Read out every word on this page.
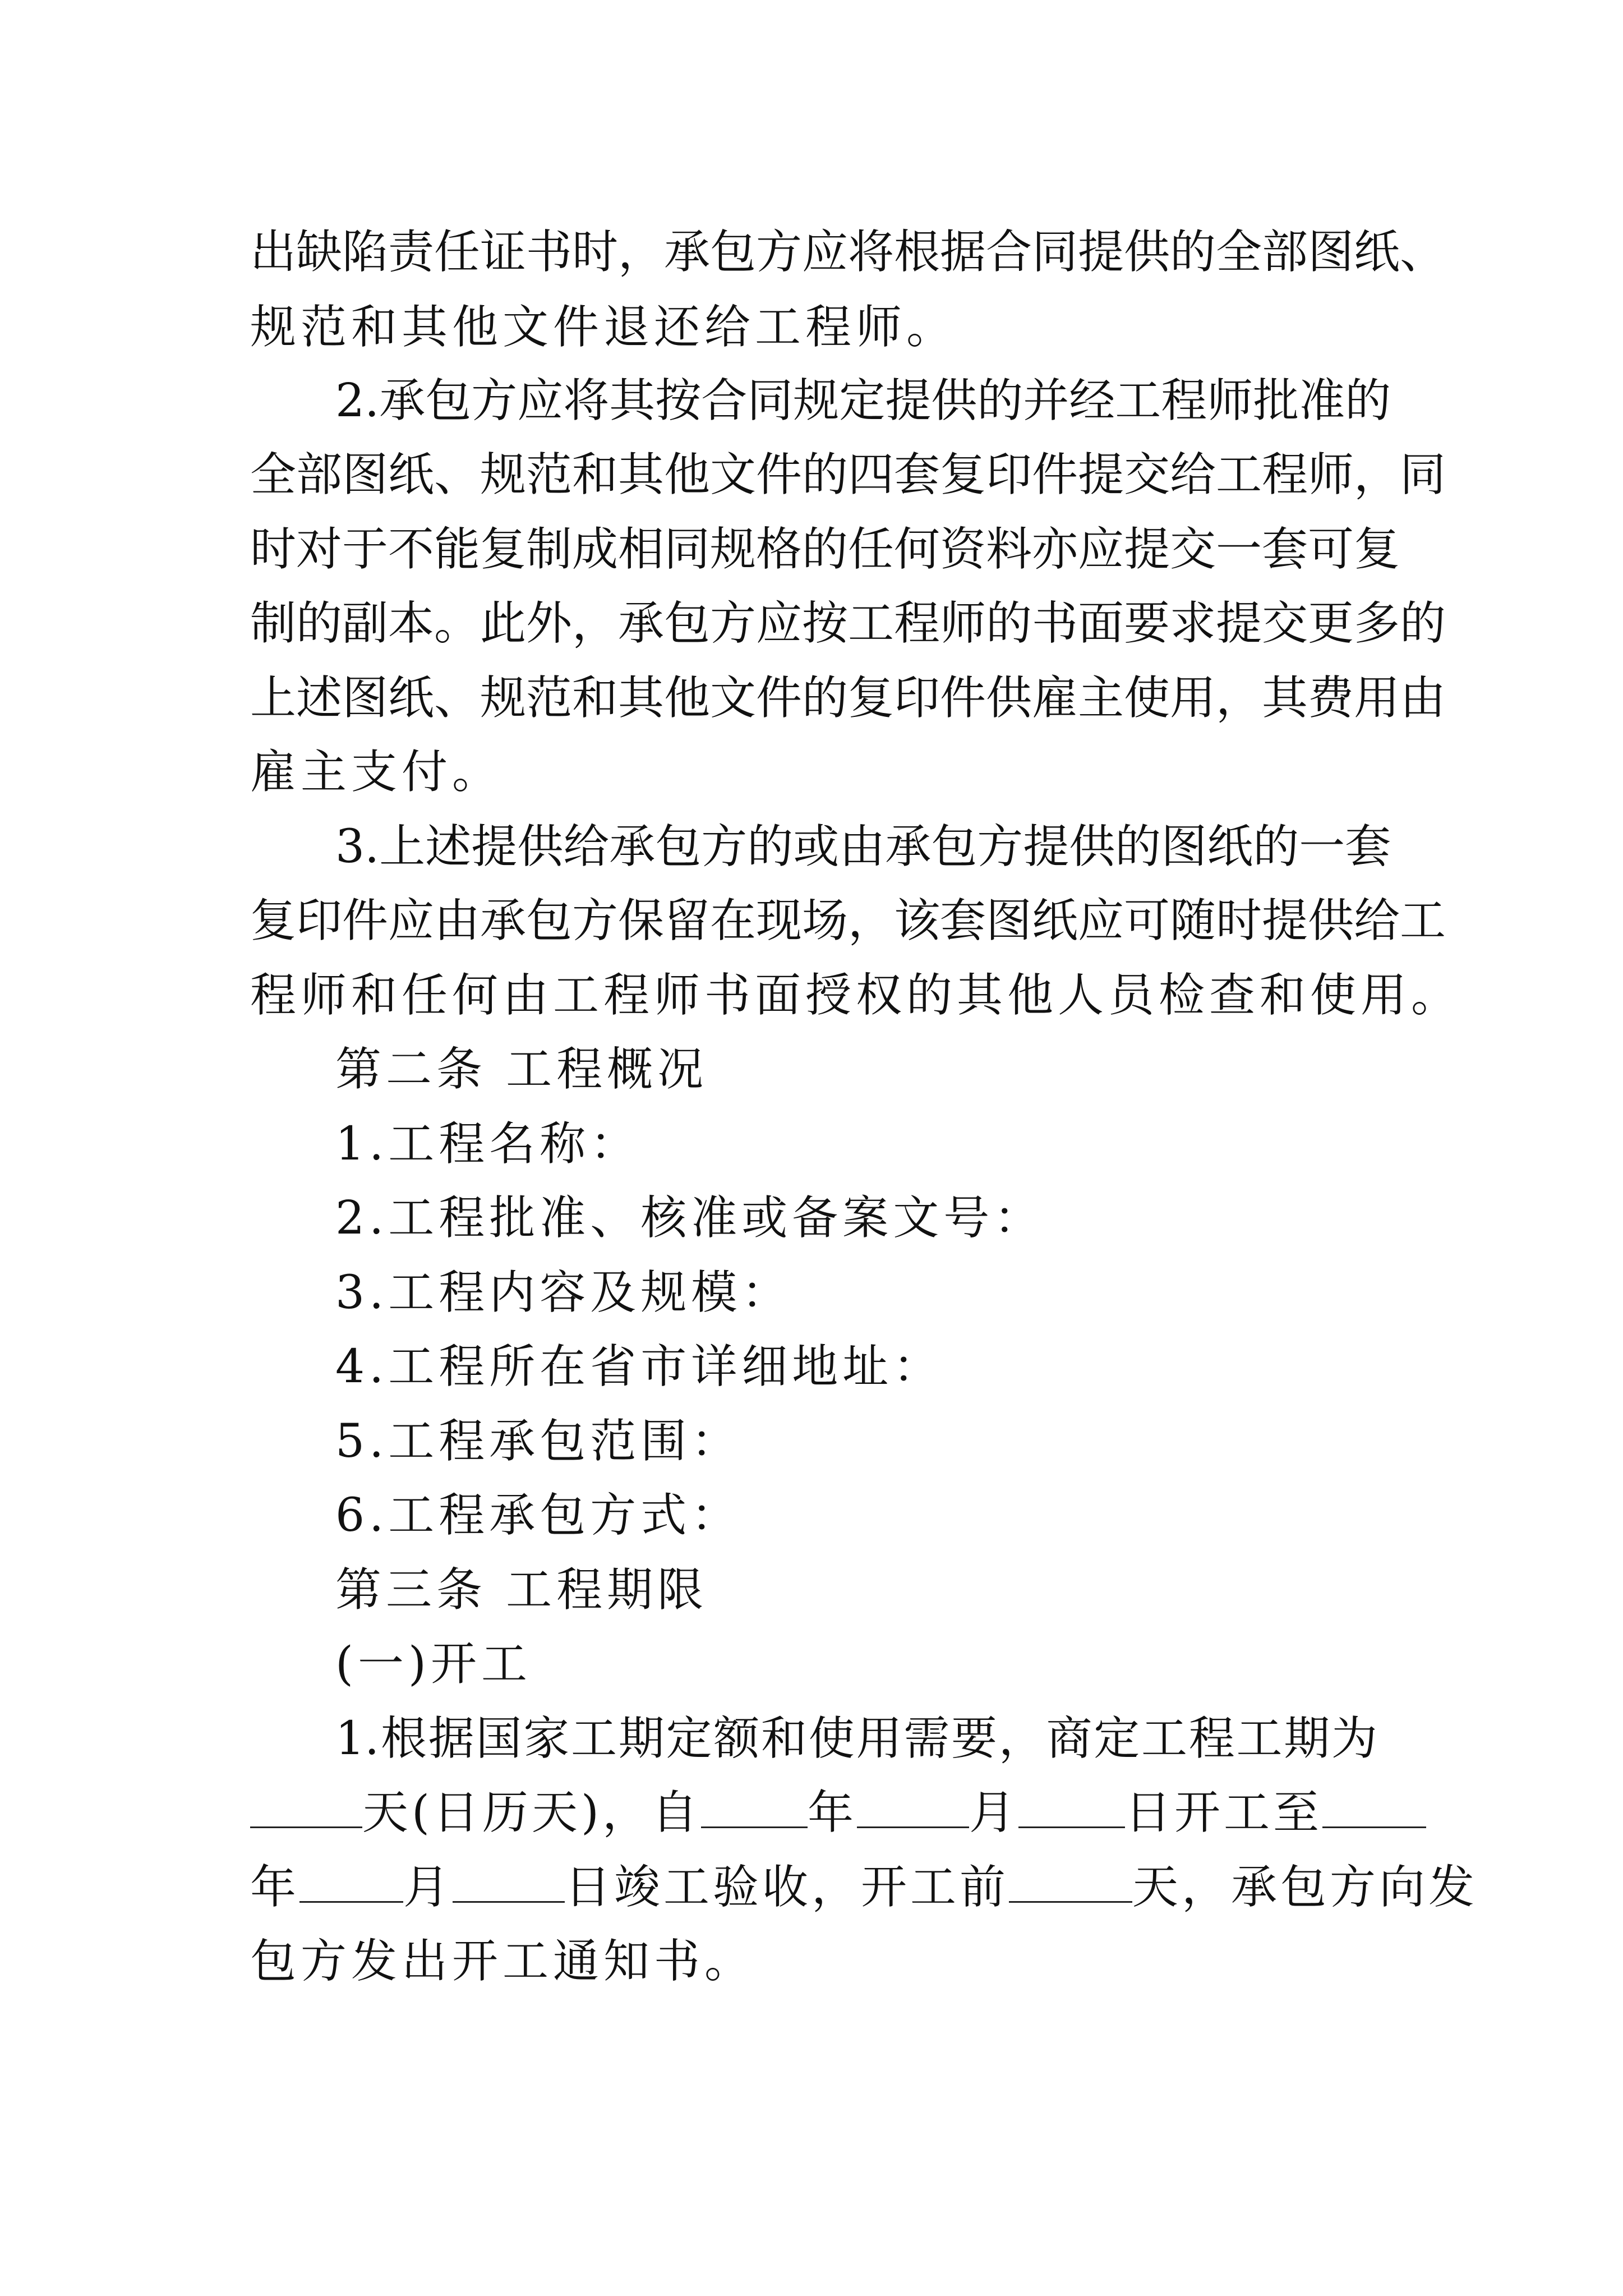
出缺陷责任证书时，承包方应将根据合同提供的全部图纸、
规范和其他文件退还给工程师。
2.承包方应将其按合同规定提供的并经工程师批准的
全部图纸、规范和其他文件的四套复印件提交给工程师，同
时对于不能复制成相同规格的任何资料亦应提交一套可复
制的副本。此外，承包方应按工程师的书面要求提交更多的
上述图纸、规范和其他文件的复印件供雇主使用，其费用由
雇主支付。
3.上述提供给承包方的或由承包方提供的图纸的一套
复印件应由承包方保留在现场，该套图纸应可随时提供给工
程师和任何由工程师书面授权的其他人员检查和使用。
第二条 工程概况
1.工程名称：
2.工程批准、核准或备案文号：
3.工程内容及规模：
4.工程所在省市详细地址：
5.工程承包范围：
6.工程承包方式：
第三条 工程期限
(一)开工
1.根据国家工期定额和使用需要，商定工程工期为
天(日历天)，自 年 月 日开工至
年 月 日竣工验收，开工前	天，承包方向发
包方发出开工通知书。
